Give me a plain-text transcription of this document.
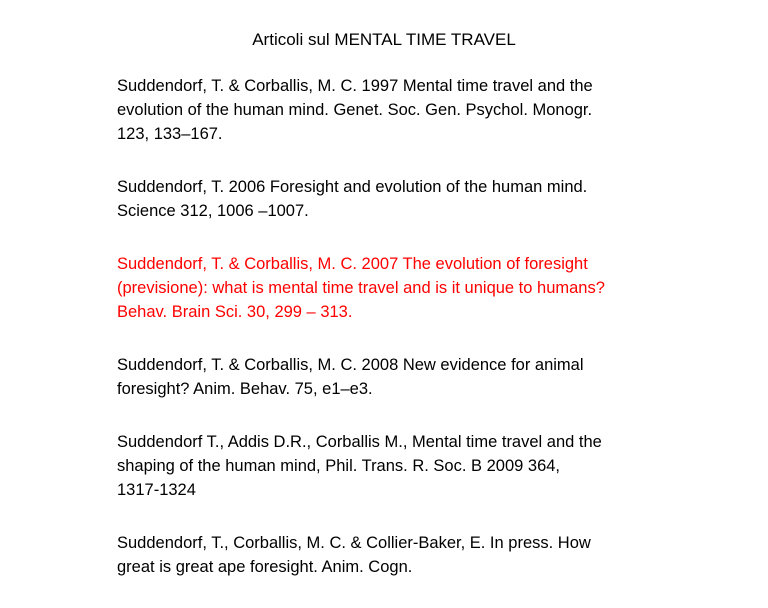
Articoli sul MENTAL TIME TRAVEL
Suddendorf, T. & Corballis, M. C. 1997 Mental time travel and the
evolution of the human mind. Genet. Soc. Gen. Psychol. Monogr.
123, 133–167.
Suddendorf, T. 2006 Foresight and evolution of the human mind.
Science 312, 1006 –1007.
Suddendorf, T. & Corballis, M. C. 2007 The evolution of foresight
(previsione): what is mental time travel and is it unique to humans?
Behav. Brain Sci. 30, 299 – 313.
Suddendorf, T. & Corballis, M. C. 2008 New evidence for animal
foresight? Anim. Behav. 75, e1–e3.
Suddendorf T., Addis D.R., Corballis M., Mental time travel and the
shaping of the human mind, Phil. Trans. R. Soc. B 2009 364,
1317-1324
Suddendorf, T., Corballis, M. C. & Collier-Baker, E. In press. How
great is great ape foresight. Anim. Cogn.
